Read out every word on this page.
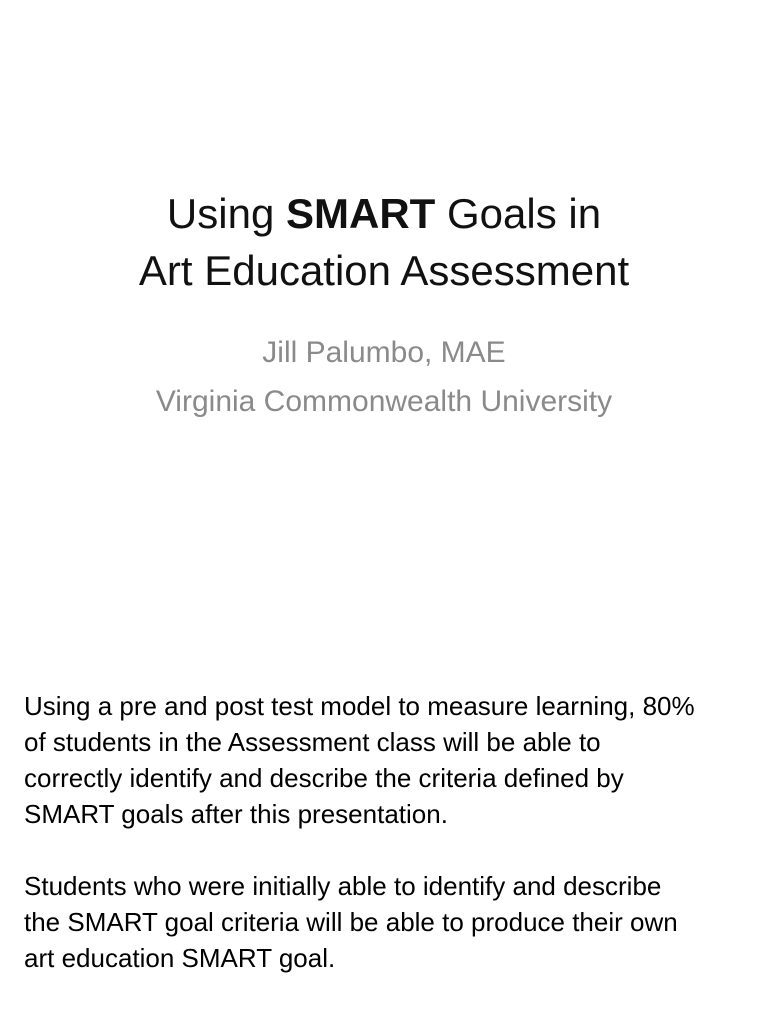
Using SMART Goals in
Art Education Assessment
Jill Palumbo, MAE
Virginia Commonwealth University
Using a pre and post test model to measure learning, 80%
of students in the Assessment class will be able to
correctly identify and describe the criteria defined by
SMART goals after this presentation.
Students who were initially able to identify and describe
the SMART goal criteria will be able to produce their own
art education SMART goal.
